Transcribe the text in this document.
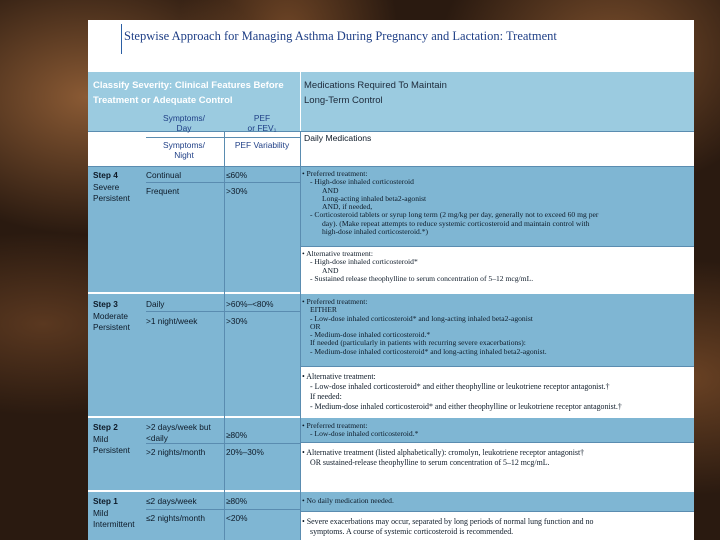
Stepwise Approach for Managing Asthma During Pregnancy and Lactation: Treatment
Classify Severity: Clinical Features Before
Treatment or Adequate Control
Medications Required To Maintain
Long-Term Control
Symptoms/
Day
PEF
or FEV₁
Symptoms/
Night
PEF Variability
Daily Medications
Step 4
Severe
Persistent
Continual
Frequent
≤60%
>30%
• Preferred treatment:
- High-dose inhaled corticosteroid
AND
Long-acting inhaled beta2-agonist
AND, if needed,
- Corticosteroid tablets or syrup long term (2 mg/kg per day, generally not to exceed 60 mg per
day). (Make repeat attempts to reduce systemic corticosteroid and maintain control with
high-dose inhaled corticosteroid.*)
• Alternative treatment:
- High-dose inhaled corticosteroid*
AND
- Sustained release theophylline to serum concentration of 5–12 mcg/mL.
Step 3
Moderate
Persistent
Daily
>1 night/week
>60%–<80%
>30%
• Preferred treatment:
EITHER
- Low-dose inhaled corticosteroid* and long-acting inhaled beta2-agonist
OR
- Medium-dose inhaled corticosteroid.*
If needed (particularly in patients with recurring severe exacerbations):
- Medium-dose inhaled corticosteroid* and long-acting inhaled beta2-agonist.
• Alternative treatment:
- Low-dose inhaled corticosteroid* and either theophylline or leukotriene receptor antagonist.†
If needed:
- Medium-dose inhaled corticosteroid* and either theophylline or leukotriene receptor antagonist.†
Step 2
Mild
Persistent
>2 days/week but
<daily
>2 nights/month
≥80%
20%–30%
• Preferred treatment:
- Low-dose inhaled corticosteroid.*
• Alternative treatment (listed alphabetically): cromolyn, leukotriene receptor antagonist†
OR sustained-release theophylline to serum concentration of 5–12 mcg/mL.
Step 1
Mild
Intermittent
≤2 days/week
≤2 nights/month
≥80%
<20%
• No daily medication needed.
• Severe exacerbations may occur, separated by long periods of normal lung function and no
symptoms. A course of systemic corticosteroid is recommended.
